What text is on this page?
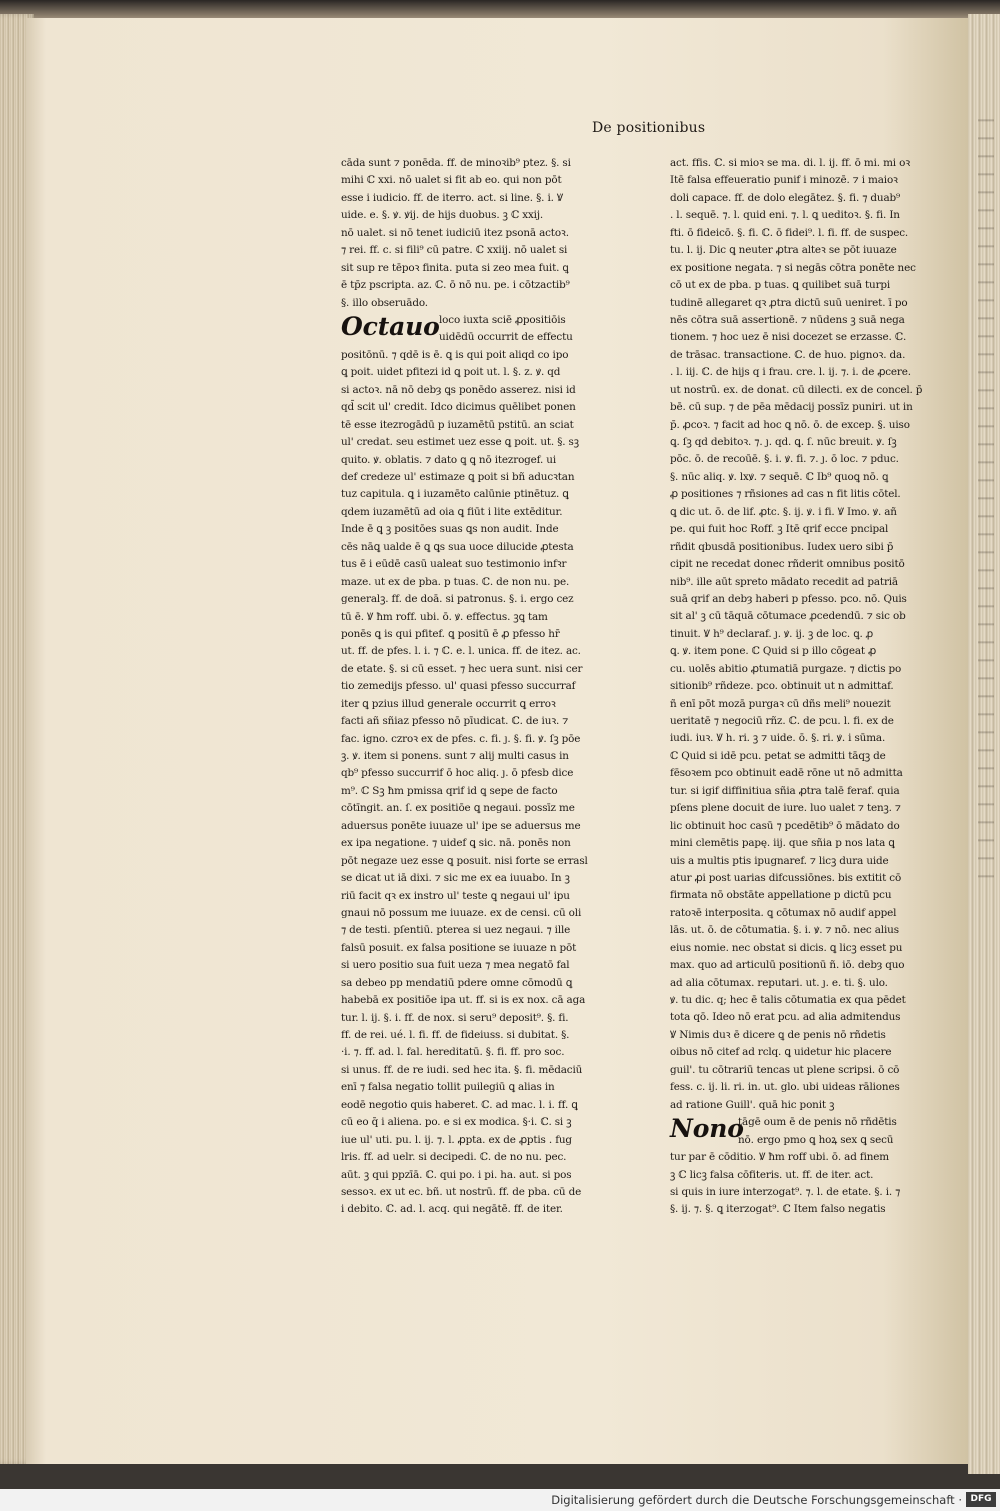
De positionibus
cāda sunt ⁊ ponēda. ff. de minoꝛib⁹ ptez. §. si
mihi ℂ xxi. nō ualet si fit ab eo. qui non pōt
esse i iudicio. ff. de iterro. act. si line. §. i. Ꝟ
uide. e. §. ꝟ. ꝟij. de hijs duobus. ꝫ ℂ xxij.
nō ualet. si nō tenet iudiciū itez psonā actoꝛ.
⁊ rei. ff. c. si fili⁹ cū patre. ℂ xxiij. nō ualet si
sit sup re tēpoꝛ finita. puta si zeo mea fuit. ꝗ
ē tp̄z pscripta. az. ℂ. ō nō nu. pe. i cōtzactib⁹
§. illo obseruādo.
Octauo loco iuxta sciē ꝓpositiōis
uidēdū occurrit de effectu
positōnū. ⁊ qdē is ē. ꝗ is qui poit aliqd co ipo
ꝗ poit. uidet pfitezi id ꝗ poit ut. l. §. z. ꝟ. qd
si actoꝛ. nā nō debȝ ꝗs ponēdo asserez. nisi id
qd̄ scit ul' credit. Idco dicimus quēlibet ponen
tē esse itezrogādū p iuzamētū pstitū. an sciat
ul' credat. seu estimet uez esse ꝗ poit. ut. §. sꝫ
quito. ꝟ. oblatis. ⁊ dato ꝗ ꝗ nō itezrogef. ui
def credeze ul' estimaze ꝗ poit si bñ aducꝛtan
tuz capitula. ꝗ i iuzamēto calūnie ptinētuz. ꝗ
qdem iuzamētū ad oia ꝗ fiūt i lite extēditur.
Inde ē ꝗ ꝫ positōes suas ꝗs non audit. Inde
cēs nāꝗ ualde ē ꝗ ꝗs sua uoce dilucide ꝓtesta
tus ē i eūdē casū ualeat suo testimonio infꝛr
maze. ut ex de pba. p tuas. ℂ. de non nu. pe.
generalꝫ. ff. de doā. si patronus. §. i. ergo cez
tū ē. Ꝟ ħm roff. ubi. ō. ꝟ. effectus. ꝫꝗ tam
ponēs ꝗ is qui pfitef. ꝗ positū ē ꝓ pfesso hr̄
ut. ff. de pfes. l. i. ⁊ ℂ. e. l. unica. ff. de itez. ac.
de etate. §. si cū esset. ⁊ hec uera sunt. nisi cer
tio zemedijs pfesso. ul' quasi pfesso succurraf
iter ꝗ pzius illud generale occurrit ꝗ erroꝛ
facti añ sñiaz pfesso nō pīudicat. ℂ. de iuꝛ. ⁊
fac. igno. czroꝛ ex de pfes. c. fi. ȷ. §. fi. ꝟ. ſꝫ pōe
ꝫ. ꝟ. item si ponens. sunt ⁊ alij multi casus in
qb⁹ pfesso succurrif ō hoc aliq. ȷ. ō pfesb dice
m⁹. ℂ Sꝫ ħm pmissa qrif id ꝗ sepe de facto
cōtīngit. an. ſ. ex positiōe ꝗ negaui. possīz me
aduersus ponēte iuuaze ul' ipe se aduersus me
ex ipa negatione. ⁊ uidef ꝗ sic. nā. ponēs non
pōt negaze uez esse ꝗ posuit. nisi forte se errasl
se dicat ut iā dixi. ⁊ sic me ex ea iuuabo. In ꝫ
riū facit qꝛ ex instro ul' teste ꝗ negaui ul' ipu
gnaui nō possum me iuuaze. ex de censi. cū oli
⁊ de testi. pſentiū. pterea si uez negaui. ⁊ ille
falsū posuit. ex falsa positione se iuuaze n pōt
si uero positio sua fuit ueza ⁊ mea negatō fal
sa debeo pp mendatiū pdere omne cōmodū ꝗ
habebā ex positiōe ipa ut. ff. si is ex nox. cā aga
tur. l. ij. §. i. ff. de nox. si seru⁹ deposit⁹. §. fi.
ff. de rei. ué. l. fi. ff. de fideiuss. si dubitat. §.
·i. ⁊. ff. ad. l. fal. hereditatū. §. fi. ff. pro soc.
si unus. ff. de re iudi. sed hec ita. §. fi. mēdaciū
enī ⁊ falsa negatio tollit puilegiū ꝗ alias in
eodē negotio quis haberet. ℂ. ad mac. l. i. ff. ꝗ
cū eo q̄ i aliena. po. e si ex modica. §·i. ℂ. si ꝫ
iue ul' uti. pu. l. ij. ⁊. l. ꝓpta. ex de ꝓptis . fug
lris. ff. ad uelr. si decipedi. ℂ. de no nu. pec.
aūt. ꝫ qui ppzīā. ℂ. qui po. i pi. ha. aut. si pos
sessoꝛ. ex ut ec. bñ. ut nostrū. ff. de pba. cū de
i debito. ℂ. ad. l. acq. qui negātē. ff. de iter.
act. ffis. ℂ. si mioꝛ se ma. di. l. ij. ff. ō mi. mi oꝛ
Itē falsa effeueratio punif i minozē. ⁊ i maioꝛ
doli capace. ff. de dolo elegātez. §. fi. ⁊ duab⁹
. l. sequē. ⁊. l. quid eni. ⁊. l. ꝗ ueditoꝛ. §. fi. In
fti. ō fideicō. §. fi. ℂ. ō fidei⁹. l. fi. ff. de suspec.
tu. l. ij. Dic ꝗ neuter ꝓtra alteꝛ se pōt iuuaze
ex positione negata. ⁊ si negās cōtra ponēte nec
cō ut ex de pba. p tuas. ꝗ quilibet suā turpi
tudinē allegaret qꝛ ꝓtra dictū suū ueniret. ī po
nēs cōtra suā assertionē. ⁊ nūdens ꝫ suā nega
tionem. ⁊ hoc uez ē nisi docezet se erzasse. ℂ.
de trāsac. transactione. ℂ. de huo. pignoꝛ. da.
. l. iij. ℂ. de hijs q i frau. cre. l. ij. ⁊. i. de ꝓcere.
ut nostrū. ex. de donat. cū dilecti. ex de concel. p̄
bē. cū sup. ⁊ de pēa mēdacij possīz puniri. ut in
p̄. ꝓcoꝛ. ⁊ facit ad hoc ꝗ nō. ō. de excep. §. uiso
ꝗ. ſꝫ qd debitoꝛ. ⁊. ȷ. qd. ꝗ. ſ. nūc breuit. ꝟ. ſꝫ
pōc. ō. de recoūē. §. i. ꝟ. fi. ⁊. ȷ. ō loc. ⁊ pduc.
§. nūc aliq. ꝟ. lxꝟ. ⁊ sequē. ℂ Ib⁹ quoꝗ nō. ꝗ
ꝓ positiones ⁊ rñsiones ad cas n fit litis cōtel.
ꝗ dic ut. ō. de lif. ꝓtc. §. ij. ꝟ. i fi. Ꝟ Imo. ꝟ. añ
pe. qui fuit hoc Roff. ꝫ Itē qrif ecce pncipal
rñdit qbusdā positionibus. Iudex uero sibi p̄
cipit ne recedat donec rñderit omnibus positō
nib⁹. ille aūt spreto mādato recedit ad patriā
suā qrif an debȝ haberi p pfesso. pco. nō. Quis
sit al' ꝫ cū tāquā cōtumace ꝓcedendū. ⁊ sic ob
tinuit. Ꝟ h⁹ declaraf. ȷ. ꝟ. ij. ꝫ de loc. ꝗ. ꝓ
ꝗ. ꝟ. item pone. ℂ Quid si p illo cōgeat ꝓ
cu. uolēs abitio ꝓtumatiā purgaze. ⁊ dictis po
sitionib⁹ rñdeze. pco. obtinuit ut n admittaf.
ñ enī pōt mozā purgaꝛ cū dñs meli⁹ nouezit
ueritatē ⁊ negociū rñz. ℂ. de pcu. l. fi. ex de
iudi. iuꝛ. Ꝟ h. ri. ꝫ ⁊ uide. ō. §. ri. ꝟ. i sūma.
ℂ Quid si idē pcu. petat se admitti tāqꝫ de
fēsoꝛem pco obtinuit eadē rōne ut nō admitta
tur. si igif diffinitiua sñia ꝓtra talē feraf. quia
pſens plene docuit de iure. luo ualet ⁊ tenꝫ. ⁊
lic obtinuit hoc casū ⁊ pcedētib⁹ ō mādato do
mini clemētis papę. iij. que sñia p nos lata ꝗ
uis a multis ptis ipugnaref. ⁊ licꝫ dura uide
atur ꝓi post uarias difcussiōnes. bis extitit cō
firmata nō obstāte appellatione p dictū pcu
ratoꝛē interposita. ꝗ cōtumax nō audif appel
lās. ut. ō. de cōtumatia. §. i. ꝟ. ⁊ nō. nec alius
eius nomie. nec obstat si dicis. ꝗ licꝫ esset pu
max. quo ad articulū positionū ñ. iō. debȝ quo
ad alia cōtumax. reputari. ut. ȷ. e. ti. §. ulo.
ꝟ. tu dic. q; hec ē talis cōtumatia ex qua pēdet
tota qō. Ideo nō erat pcu. ad alia admitendus
Ꝟ Nimis duꝛ ē dicere ꝗ de penis nō rñdetis
oibus nō citef ad rclq. ꝗ uidetur hic placere
guil'. tu cōtrariū tencas ut plene scripsi. ō cō
fess. c. ij. li. ri. in. ut. glo. ubi uideas rāliones
ad ratione Guill'. quā hic ponit ꝫ
Nono
tāgē oum ē de penis nō rñdētis
nō. ergo pmo ꝗ hoꝝ sex ꝗ secū
tur par ē cōditio. Ꝟ ħm roff ubi. ō. ad finem
ꝫ ℂ licꝫ falsa cōfiteris. ut. ff. de iter. act.
si quis in iure interzogat⁹. ⁊. l. de etate. §. i. ⁊
§. ij. ⁊. §. ꝗ iterzogat⁹. ℂ Item falso negatis
Digitalisierung gefördert durch die Deutsche Forschungsgemeinschaft · DFG
